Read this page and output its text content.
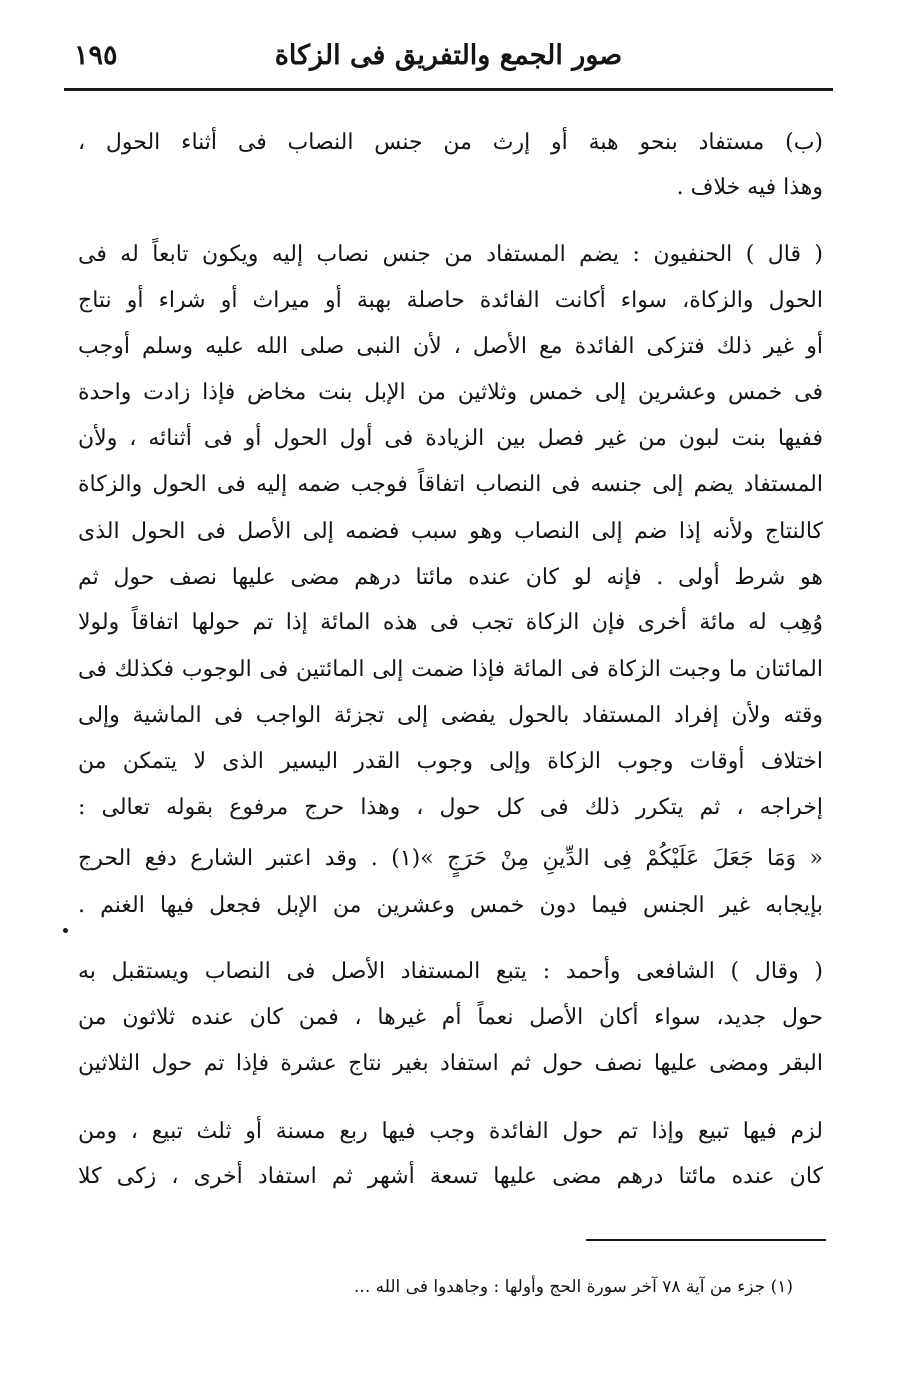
صور الجمع والتفريق فى الزكاة
١٩٥
(ب) مستفاد بنحو هبة أو إرث من جنس النصاب فى أثناء الحول ،
وهذا فيه خلاف .
( قال ) الحنفيون : يضم المستفاد من جنس نصاب إليه ويكون تابعاً له فى
الحول والزكاة، سواء أكانت الفائدة حاصلة بهبة أو ميراث أو شراء أو نتاج
أو غير ذلك فتزكى الفائدة مع الأصل ، لأن النبى صلى الله عليه وسلم أوجب
فى خمس وعشرين إلى خمس وثلاثين من الإبل بنت مخاض فإذا زادت واحدة
ففيها بنت لبون من غير فصل بين الزيادة فى أول الحول أو فى أثنائه ، ولأن
المستفاد يضم إلى جنسه فى النصاب اتفاقاً فوجب ضمه إليه فى الحول والزكاة
كالنتاج ولأنه إذا ضم إلى النصاب وهو سبب فضمه إلى الأصل فى الحول الذى
هو شرط أولى . فإنه لو كان عنده مائتا درهم مضى عليها نصف حول ثم
وُهِب له مائة أخرى فإن الزكاة تجب فى هذه المائة إذا تم حولها اتفاقاً ولولا
المائتان ما وجبت الزكاة فى المائة فإذا ضمت إلى المائتين فى الوجوب فكذلك فى
وقته ولأن إفراد المستفاد بالحول يفضى إلى تجزئة الواجب فى الماشية وإلى
اختلاف أوقات وجوب الزكاة وإلى وجوب القدر اليسير الذى لا يتمكن من
إخراجه ، ثم يتكرر ذلك فى كل حول ، وهذا حرج مرفوع بقوله تعالى :
« وَمَا جَعَلَ عَلَيْكُمْ فِى الدِّينِ مِنْ حَرَجٍ »(١) . وقد اعتبر الشارع دفع الحرج
بإيجابه غير الجنس فيما دون خمس وعشرين من الإبل فجعل فيها الغنم .
( وقال ) الشافعى وأحمد : يتبع المستفاد الأصل فى النصاب ويستقبل به
حول جديد، سواء أكان الأصل نعماً أم غيرها ، فمن كان عنده ثلاثون من
البقر ومضى عليها نصف حول ثم استفاد بغير نتاج عشرة فإذا تم حول الثلاثين
لزم فيها تبيع وإذا تم حول الفائدة وجب فيها ربع مسنة أو ثلث تبيع ، ومن
كان عنده مائتا درهم مضى عليها تسعة أشهر ثم استفاد أخرى ، زكى كلا
(١) جزء من آية ٧٨ آخر سورة الحج وأولها : وجاهدوا فى الله ...
